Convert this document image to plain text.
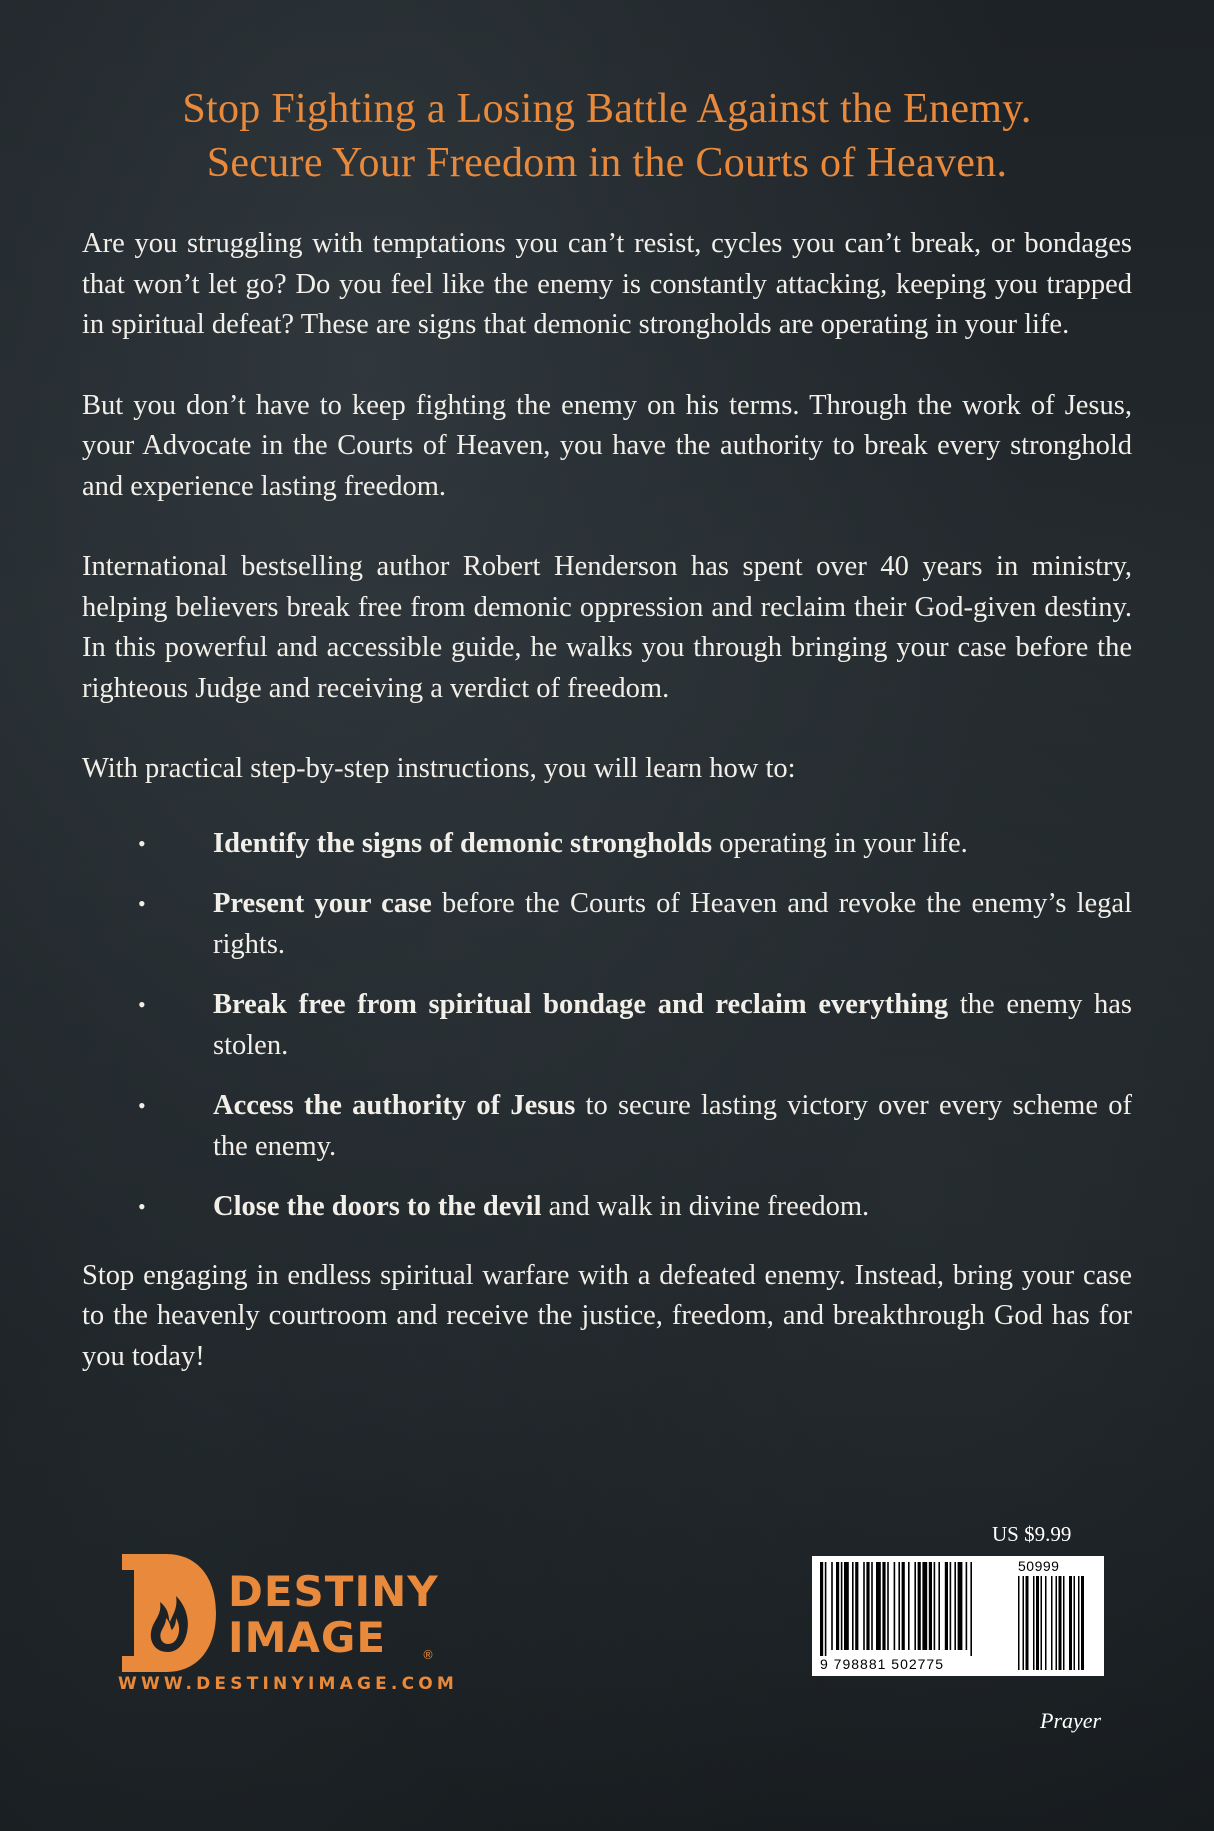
Stop Fighting a Losing Battle Against the Enemy.
Secure Your Freedom in the Courts of Heaven.

Are you struggling with temptations you can’t resist, cycles you can’t break, or bondages that won’t let go? Do you feel like the enemy is constantly attacking, keeping you trapped in spiritual defeat? These are signs that demonic strongholds are operating in your life.

But you don’t have to keep fighting the enemy on his terms. Through the work of Jesus, your Advocate in the Courts of Heaven, you have the authority to break every stronghold and experience lasting freedom.

International bestselling author Robert Henderson has spent over 40 years in ministry, helping believers break free from demonic oppression and reclaim their God-given destiny. In this powerful and accessible guide, he walks you through bringing your case before the righteous Judge and receiving a verdict of freedom.

With practical step-by-step instructions, you will learn how to:

• Identify the signs of demonic strongholds operating in your life.
• Present your case before the Courts of Heaven and revoke the enemy’s legal rights.
• Break free from spiritual bondage and reclaim everything the enemy has stolen.
• Access the authority of Jesus to secure lasting victory over every scheme of the enemy.
• Close the doors to the devil and walk in divine freedom.

Stop engaging in endless spiritual warfare with a defeated enemy. Instead, bring your case to the heavenly courtroom and receive the justice, freedom, and breakthrough God has for you today!

DESTINY
IMAGE	®
WWW.DESTINYIMAGE.COM
US $9.99
50999
9 798881 502775
Prayer
